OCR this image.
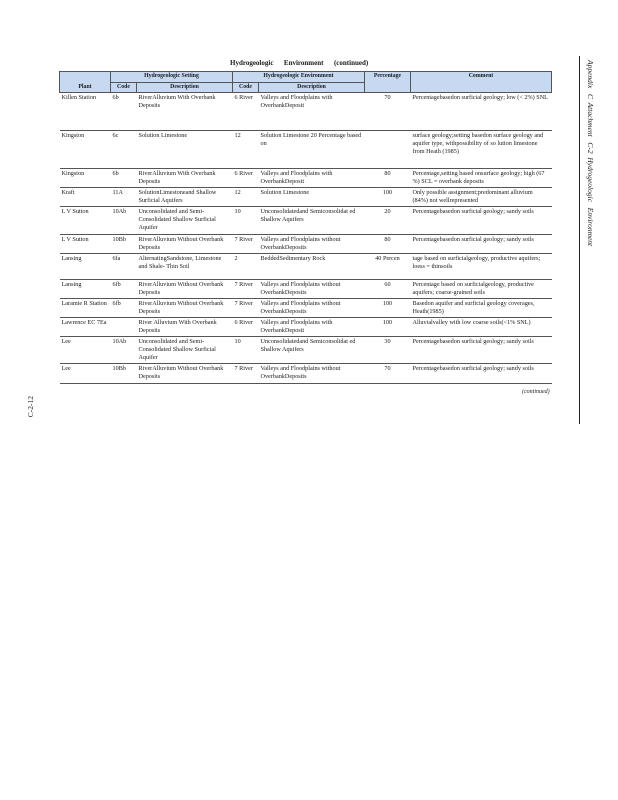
Hydrogeologic      Environment      (continued)	Appendix   C  Attachment   C-2  Hydrogeologic   Environment
C-2-12
Plant	Hydrogeologic Setting		Hydrogeologic Environment		Percentage	Comment
	Code	Description	Code	Description		
Killen Station	6b	RiverAlluvium With Overbank Deposits	6 River	Valleys and Floodplains with OverbankDeposit	70	Percentagebasedon surficial geology; low (< 2%) SNL
Kingston	6c	Solution Limestone	12	Solution Limestone 20 Percentage based on		surface geology;setting basedon surface geology and aquifer type, withpossibility of so lution limestone from Heath (1985)
Kingston	6b	RiverAlluvium With Overbank Deposits	6 River	Valleys and Floodplains with OverbankDeposit	80	Percentage,setting based onsurface geology; high (67 %) SCL = overbank deposits
Kraft	11A	SolutionLimestoneand Shallow Surficial Aquifers	12	Solution Limestone	100	Only possible assignment;predominant alluvium (84%) not wellrepresented
L V Sutton	10Ab	Unconsolidated and Semi-Consolidated Shallow Surficial Aquifer	10	Unconsolidatedand Semiconsolidat ed Shallow Aquifers	20	Percentagebasedon surficial geology; sandy soils
L V Sutton	10Bb	RiverAlluvium Without Overbank Deposits	7 River	Valleys and Floodplains without OverbankDeposits	80	Percentagebasedon surficial geology; sandy soils
Lansing	6fa	AlternatingSandstone, Limestone and Shale- Thin Soil	2	BeddedSedimentary Rock	40 Percen	tage based on surficialgeology, productive aquifers; loess = thinsoils
Lansing	6fb	RiverAlluvium Without Overbank Deposits	7 River	Valleys and Floodplains without OverbankDeposits	60	Percentage based on surficialgeology, productive aquifers; coarse-grained soils
Laramie R Station	6fb	RiverAlluvium Without Overbank Deposits	7 River	Valleys and Floodplains without OverbankDeposits	100	Basedon aquifer and surficial geology coverages, Heath(1985)
Lawrence EC 7Ea		River Alluvium With Overbank Deposits	6 River	Valleys and Floodplains with OverbankDeposit	100	Alluvialvalley with low coarse soils(<1% SNL)
Lee	10Ab	Unconsolidated and Semi-Consolidated Shallow Surficial Aquifer	10	Unconsolidatedand Semiconsolidat ed Shallow Aquifers	30	Percentagebasedon surficial geology; sandy soils
Lee	10Bb	RiverAlluvium Without Overbank Deposits	7 River	Valleys and Floodplains without OverbankDeposits	70	Percentagebasedon surficial geology; sandy soils
(continued)
